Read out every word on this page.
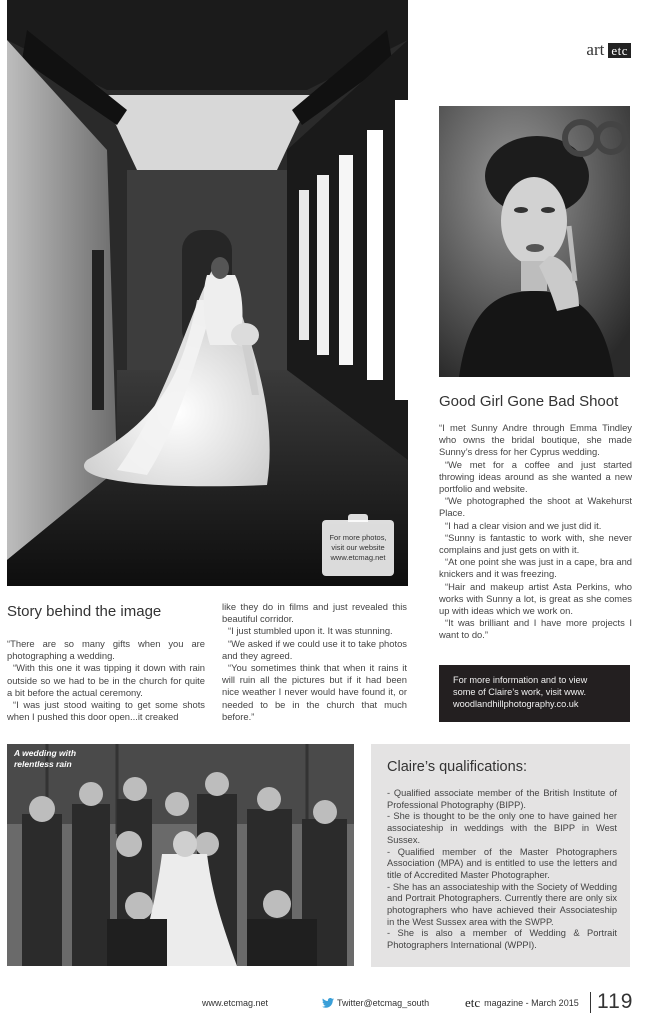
art etc
For more photos,
visit our website
www.etcmag.net
Good Girl Gone Bad Shoot

“I met Sunny Andre through Emma Tindley who owns the bridal boutique, she made Sunny’s dress for her Cyprus wedding.

“We met for a coffee and just started throwing ideas around as she wanted a new portfolio and website.

“We photographed the shoot at Wakehurst Place.

“I had a clear vision and we just did it.

“Sunny is fantastic to work with, she never complains and just gets on with it.

“At one point she was just in a cape, bra and knickers and it was freezing.

“Hair and makeup artist Asta Perkins, who works with Sunny a lot, is great as she comes up with ideas which we work on.

“It was brilliant and I have more projects I want to do.”

For more information and to view
some of Claire’s work, visit www.
woodlandhillphotography.co.uk
Story behind the image

“There are so many gifts when you are photographing a wedding.

“With this one it was tipping it down with rain outside so we had to be in the church for quite a bit before the actual ceremony.

“I was just stood waiting to get some shots when I pushed this door open...it creaked

like they do in films and just revealed this beautiful corridor.

“I just stumbled upon it. It was stunning.

“We asked if we could use it to take photos and they agreed.

“You sometimes think that when it rains it will ruin all the pictures but if it had been nice weather I never would have found it, or needed to be in the church that much before.”

A wedding with relentless rain	Claire’s qualifications:
- Qualified associate member of the British Institute of Professional Photography (BIPP).
- She is thought to be the only one to have gained her associateship in weddings with the BIPP in West Sussex.
- Qualified member of the Master Photographers Association (MPA) and is entitled to use the letters and title of Accredited Master Photographer.
- She has an associateship with the Society of Wedding and Portrait Photographers. Currently there are only six photographers who have achieved their Associateship in the West Sussex area with the SWPP.
- She is also a member of Wedding & Portrait Photographers International (WPPI).
www.etcmag.net	Twitter@etcmag_south	etc magazine - March 2015 119
